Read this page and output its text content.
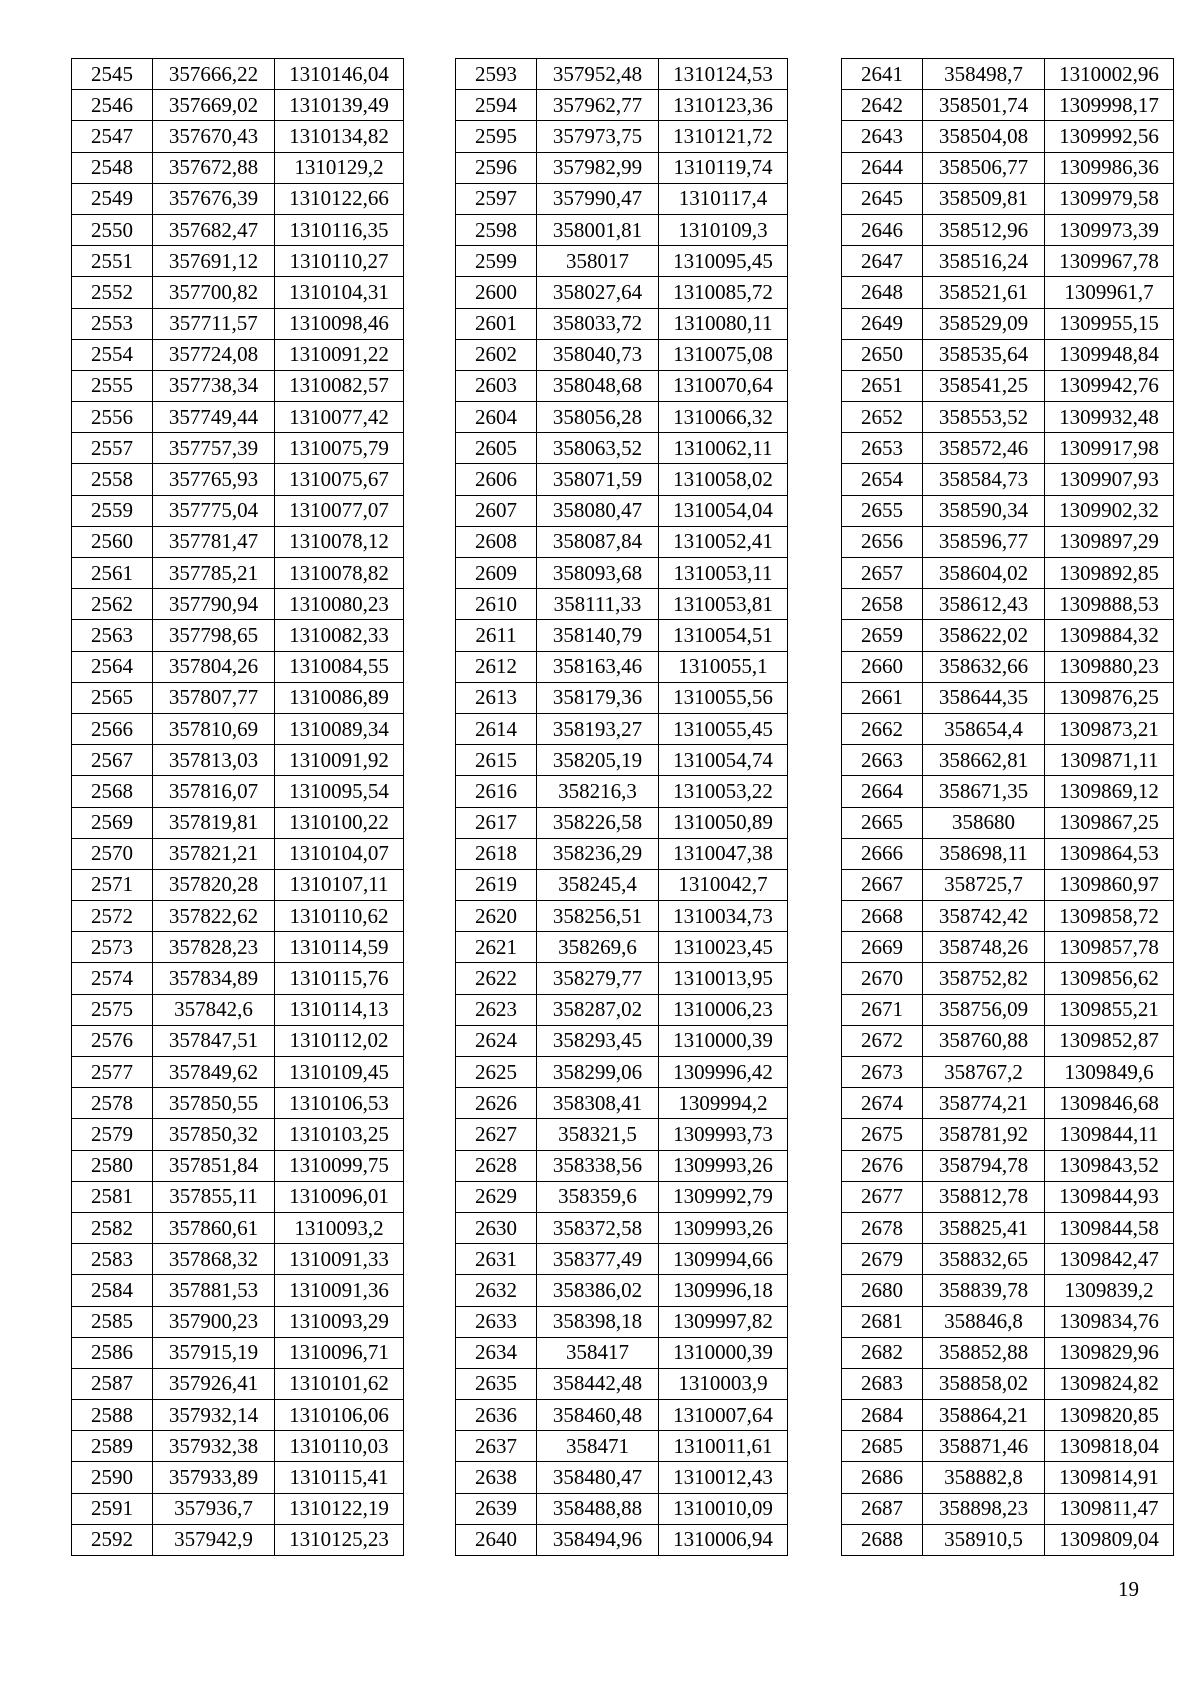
2545	357666,22	1310146,04
2546	357669,02	1310139,49
2547	357670,43	1310134,82
2548	357672,88	1310129,2
2549	357676,39	1310122,66
2550	357682,47	1310116,35
2551	357691,12	1310110,27
2552	357700,82	1310104,31
2553	357711,57	1310098,46
2554	357724,08	1310091,22
2555	357738,34	1310082,57
2556	357749,44	1310077,42
2557	357757,39	1310075,79
2558	357765,93	1310075,67
2559	357775,04	1310077,07
2560	357781,47	1310078,12
2561	357785,21	1310078,82
2562	357790,94	1310080,23
2563	357798,65	1310082,33
2564	357804,26	1310084,55
2565	357807,77	1310086,89
2566	357810,69	1310089,34
2567	357813,03	1310091,92
2568	357816,07	1310095,54
2569	357819,81	1310100,22
2570	357821,21	1310104,07
2571	357820,28	1310107,11
2572	357822,62	1310110,62
2573	357828,23	1310114,59
2574	357834,89	1310115,76
2575	357842,6	1310114,13
2576	357847,51	1310112,02
2577	357849,62	1310109,45
2578	357850,55	1310106,53
2579	357850,32	1310103,25
2580	357851,84	1310099,75
2581	357855,11	1310096,01
2582	357860,61	1310093,2
2583	357868,32	1310091,33
2584	357881,53	1310091,36
2585	357900,23	1310093,29
2586	357915,19	1310096,71
2587	357926,41	1310101,62
2588	357932,14	1310106,06
2589	357932,38	1310110,03
2590	357933,89	1310115,41
2591	357936,7	1310122,19
2592	357942,9	1310125,23
2593	357952,48	1310124,53
2594	357962,77	1310123,36
2595	357973,75	1310121,72
2596	357982,99	1310119,74
2597	357990,47	1310117,4
2598	358001,81	1310109,3
2599	358017	1310095,45
2600	358027,64	1310085,72
2601	358033,72	1310080,11
2602	358040,73	1310075,08
2603	358048,68	1310070,64
2604	358056,28	1310066,32
2605	358063,52	1310062,11
2606	358071,59	1310058,02
2607	358080,47	1310054,04
2608	358087,84	1310052,41
2609	358093,68	1310053,11
2610	358111,33	1310053,81
2611	358140,79	1310054,51
2612	358163,46	1310055,1
2613	358179,36	1310055,56
2614	358193,27	1310055,45
2615	358205,19	1310054,74
2616	358216,3	1310053,22
2617	358226,58	1310050,89
2618	358236,29	1310047,38
2619	358245,4	1310042,7
2620	358256,51	1310034,73
2621	358269,6	1310023,45
2622	358279,77	1310013,95
2623	358287,02	1310006,23
2624	358293,45	1310000,39
2625	358299,06	1309996,42
2626	358308,41	1309994,2
2627	358321,5	1309993,73
2628	358338,56	1309993,26
2629	358359,6	1309992,79
2630	358372,58	1309993,26
2631	358377,49	1309994,66
2632	358386,02	1309996,18
2633	358398,18	1309997,82
2634	358417	1310000,39
2635	358442,48	1310003,9
2636	358460,48	1310007,64
2637	358471	1310011,61
2638	358480,47	1310012,43
2639	358488,88	1310010,09
2640	358494,96	1310006,94
2641	358498,7	1310002,96
2642	358501,74	1309998,17
2643	358504,08	1309992,56
2644	358506,77	1309986,36
2645	358509,81	1309979,58
2646	358512,96	1309973,39
2647	358516,24	1309967,78
2648	358521,61	1309961,7
2649	358529,09	1309955,15
2650	358535,64	1309948,84
2651	358541,25	1309942,76
2652	358553,52	1309932,48
2653	358572,46	1309917,98
2654	358584,73	1309907,93
2655	358590,34	1309902,32
2656	358596,77	1309897,29
2657	358604,02	1309892,85
2658	358612,43	1309888,53
2659	358622,02	1309884,32
2660	358632,66	1309880,23
2661	358644,35	1309876,25
2662	358654,4	1309873,21
2663	358662,81	1309871,11
2664	358671,35	1309869,12
2665	358680	1309867,25
2666	358698,11	1309864,53
2667	358725,7	1309860,97
2668	358742,42	1309858,72
2669	358748,26	1309857,78
2670	358752,82	1309856,62
2671	358756,09	1309855,21
2672	358760,88	1309852,87
2673	358767,2	1309849,6
2674	358774,21	1309846,68
2675	358781,92	1309844,11
2676	358794,78	1309843,52
2677	358812,78	1309844,93
2678	358825,41	1309844,58
2679	358832,65	1309842,47
2680	358839,78	1309839,2
2681	358846,8	1309834,76
2682	358852,88	1309829,96
2683	358858,02	1309824,82
2684	358864,21	1309820,85
2685	358871,46	1309818,04
2686	358882,8	1309814,91
2687	358898,23	1309811,47
2688	358910,5	1309809,04
19
